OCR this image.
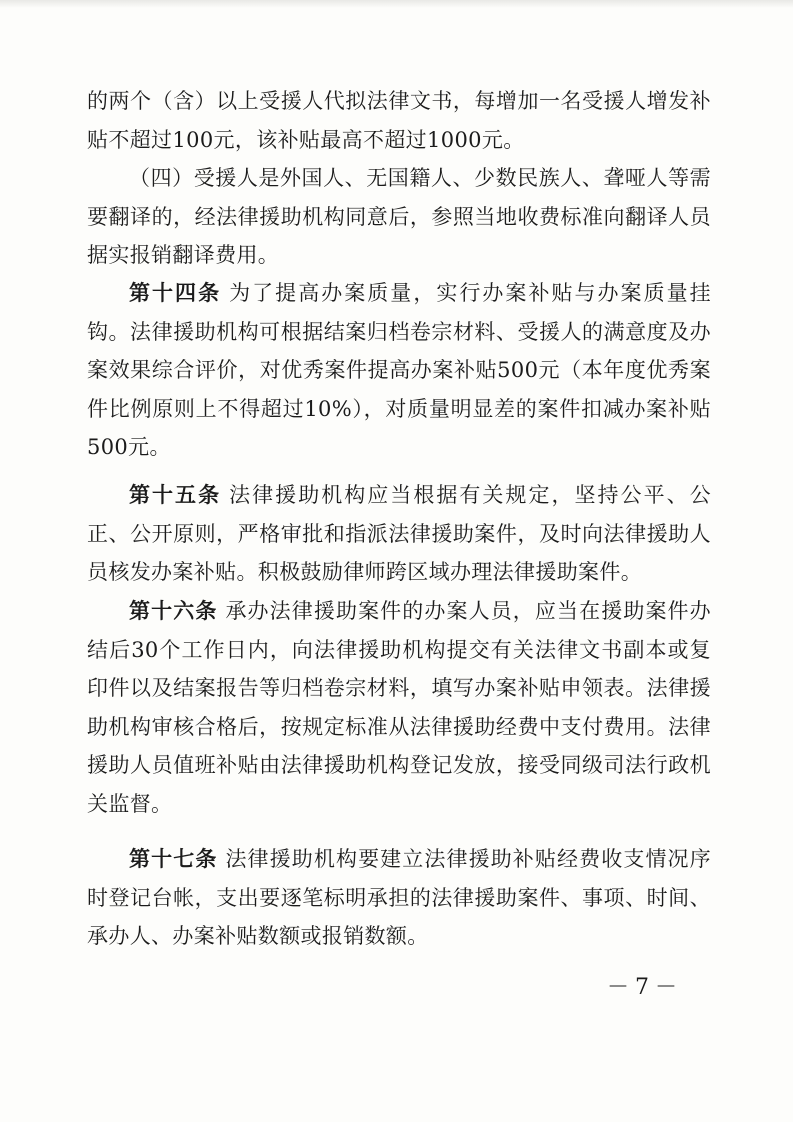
的两个（含）以上受援人代拟法律文书，每增加一名受援人增发补贴不超过100元，该补贴最高不超过1000元。

（四）受援人是外国人、无国籍人、少数民族人、聋哑人等需要翻译的，经法律援助机构同意后，参照当地收费标准向翻译人员据实报销翻译费用。

第十四条 为了提高办案质量，实行办案补贴与办案质量挂钩。法律援助机构可根据结案归档卷宗材料、受援人的满意度及办案效果综合评价，对优秀案件提高办案补贴500元（本年度优秀案件比例原则上不得超过10%），对质量明显差的案件扣减办案补贴500元。

第十五条 法律援助机构应当根据有关规定，坚持公平、公正、公开原则，严格审批和指派法律援助案件，及时向法律援助人员核发办案补贴。积极鼓励律师跨区域办理法律援助案件。

第十六条 承办法律援助案件的办案人员，应当在援助案件办结后30个工作日内，向法律援助机构提交有关法律文书副本或复印件以及结案报告等归档卷宗材料，填写办案补贴申领表。法律援助机构审核合格后，按规定标准从法律援助经费中支付费用。法律援助人员值班补贴由法律援助机构登记发放，接受同级司法行政机关监督。

第十七条 法律援助机构要建立法律援助补贴经费收支情况序时登记台帐，支出要逐笔标明承担的法律援助案件、事项、时间、承办人、办案补贴数额或报销数额。

－7－
